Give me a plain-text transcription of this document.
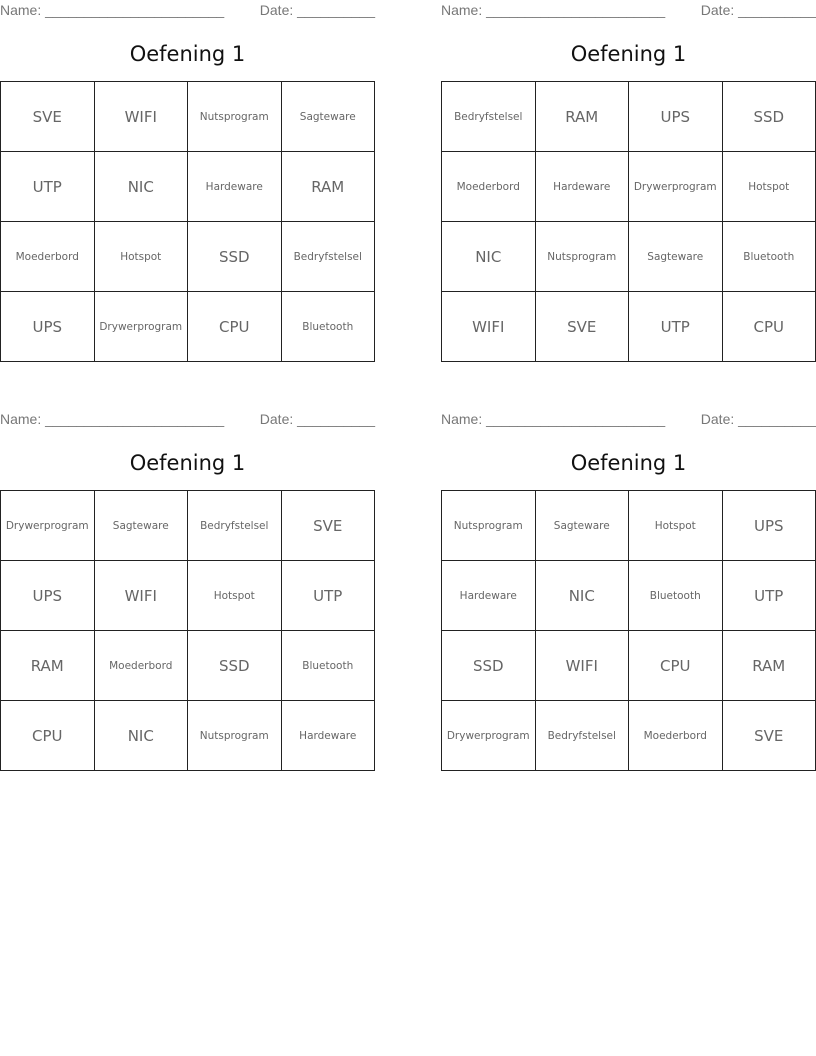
Name: _______________________	Date: __________
Oefening 1
SVE	WIFI	Nutsprogram	Sagteware
UTP	NIC	Hardeware	RAM
Moederbord	Hotspot	SSD	Bedryfstelsel
UPS	Drywerprogram	CPU	Bluetooth
Name: _______________________	Date: __________
Oefening 1
Bedryfstelsel	RAM	UPS	SSD
Moederbord	Hardeware	Drywerprogram	Hotspot
NIC	Nutsprogram	Sagteware	Bluetooth
WIFI	SVE	UTP	CPU
Name: _______________________	Date: __________
Oefening 1
Drywerprogram	Sagteware	Bedryfstelsel	SVE
UPS	WIFI	Hotspot	UTP
RAM	Moederbord	SSD	Bluetooth
CPU	NIC	Nutsprogram	Hardeware
Name: _______________________	Date: __________
Oefening 1
Nutsprogram	Sagteware	Hotspot	UPS
Hardeware	NIC	Bluetooth	UTP
SSD	WIFI	CPU	RAM
Drywerprogram	Bedryfstelsel	Moederbord	SVE
